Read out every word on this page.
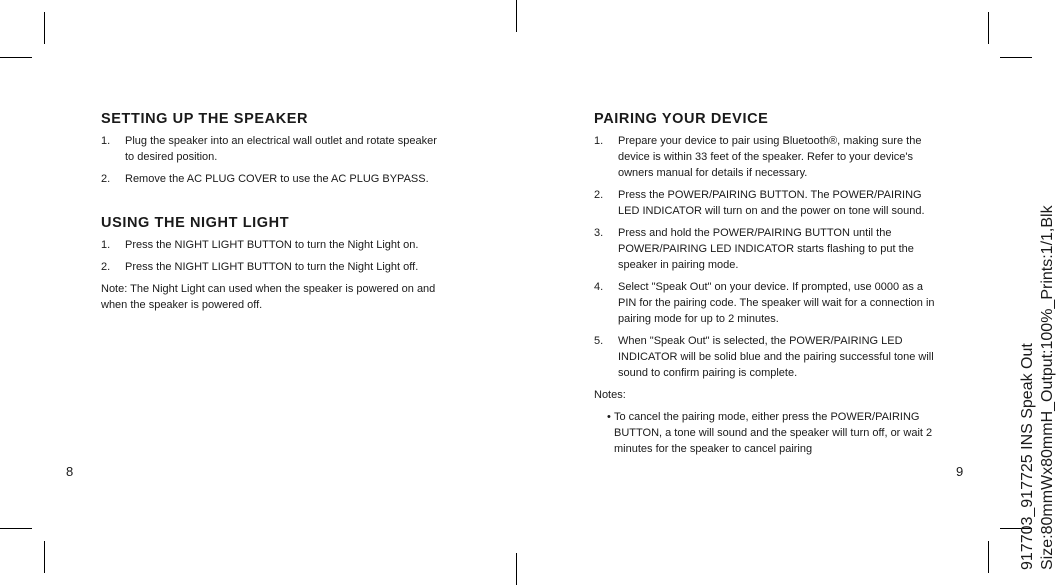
SETTING UP THE SPEAKER
1. Plug the speaker into an electrical wall outlet and rotate speaker to desired position.
2. Remove the AC PLUG COVER to use the AC PLUG BYPASS.
USING THE NIGHT LIGHT
1. Press the NIGHT LIGHT BUTTON to turn the Night Light on.
2. Press the NIGHT LIGHT BUTTON to turn the Night Light off.
Note: The Night Light can used when the speaker is powered on and when the speaker is powered off.
8
PAIRING YOUR DEVICE
1. Prepare your device to pair using Bluetooth®, making sure the device is within 33 feet of the speaker. Refer to your device's owners manual for details if necessary.
2. Press the POWER/PAIRING BUTTON. The POWER/PAIRING LED INDICATOR will turn on and the power on tone will sound.
3. Press and hold the POWER/PAIRING BUTTON until the POWER/PAIRING LED INDICATOR starts flashing to put the speaker in pairing mode.
4. Select "Speak Out" on your device. If prompted, use 0000 as a PIN for the pairing code. The speaker will wait for a connection in pairing mode for up to 2 minutes.
5. When "Speak Out" is selected, the POWER/PAIRING LED INDICATOR will be solid blue and the pairing successful tone will sound to confirm pairing is complete.
Notes:
• To cancel the pairing mode, either press the POWER/PAIRING BUTTON, a tone will sound and the speaker will turn off, or wait 2 minutes for the speaker to cancel pairing
9	917703_917725 INS Speak Out Size:80mmWx80mmH_Output:100%_Prints:1/1,Blk
